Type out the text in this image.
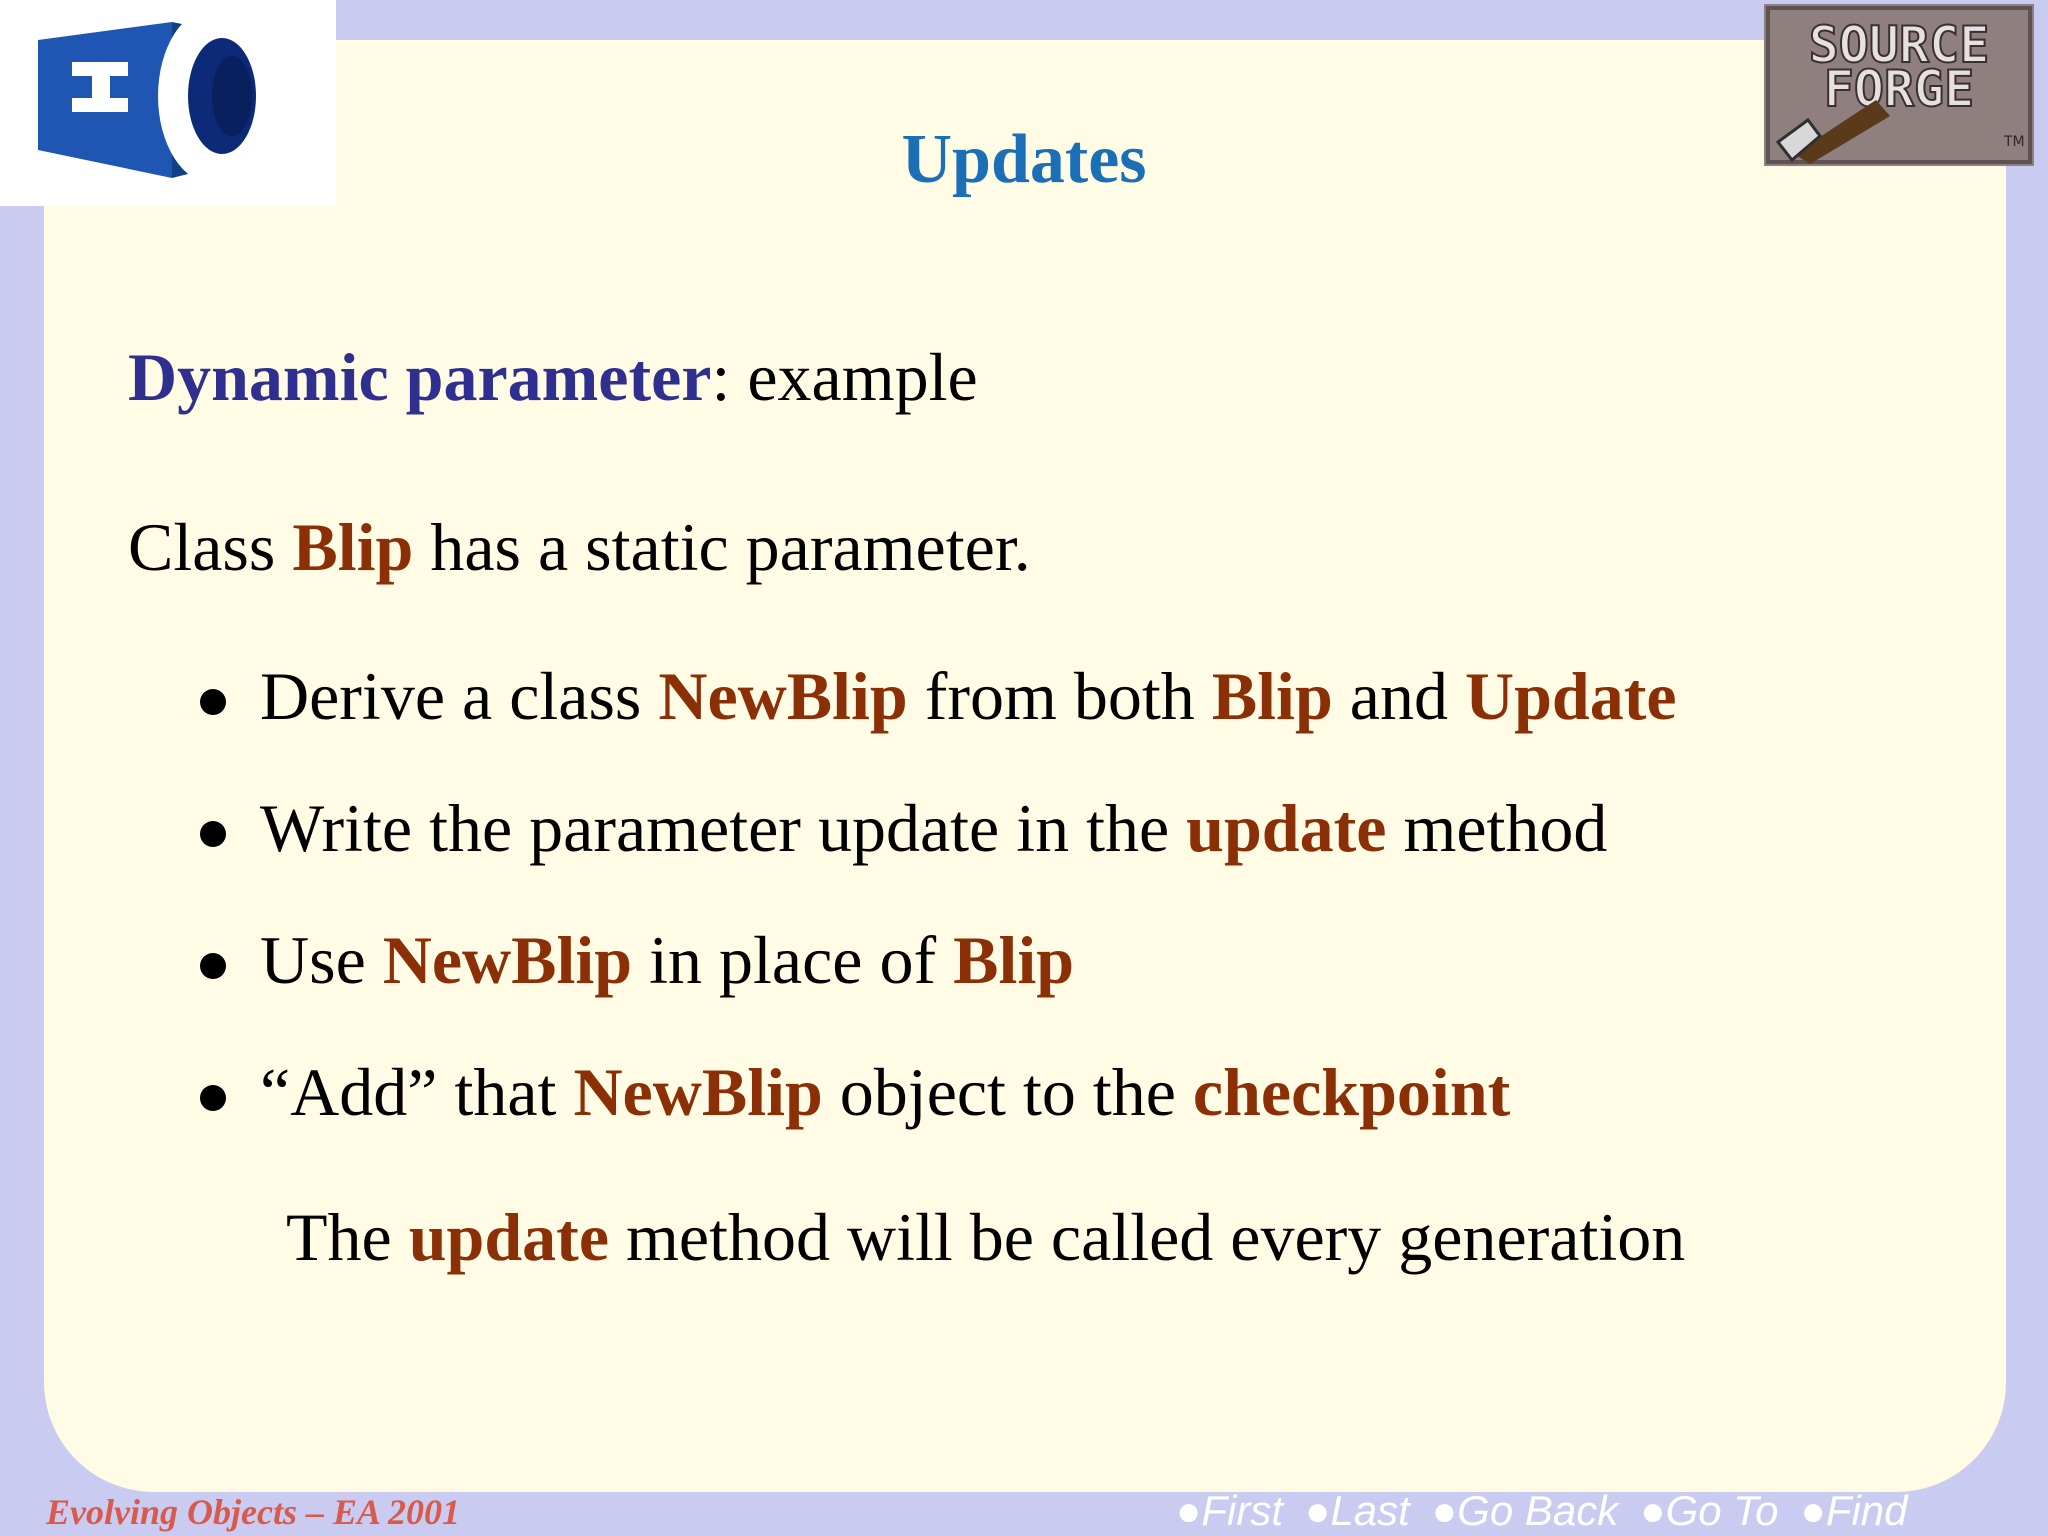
SOURCE
FORGE
TM
Updates
Dynamic parameter: example
Class Blip has a static parameter.
Derive a class NewBlip from both Blip and Update
Write the parameter update in the update method
Use NewBlip in place of Blip
“Add” that NewBlip object to the checkpoint
The update method will be called every generation
Evolving Objects – EA 2001	●First ●Last ●Go Back ●Go To ●Find
